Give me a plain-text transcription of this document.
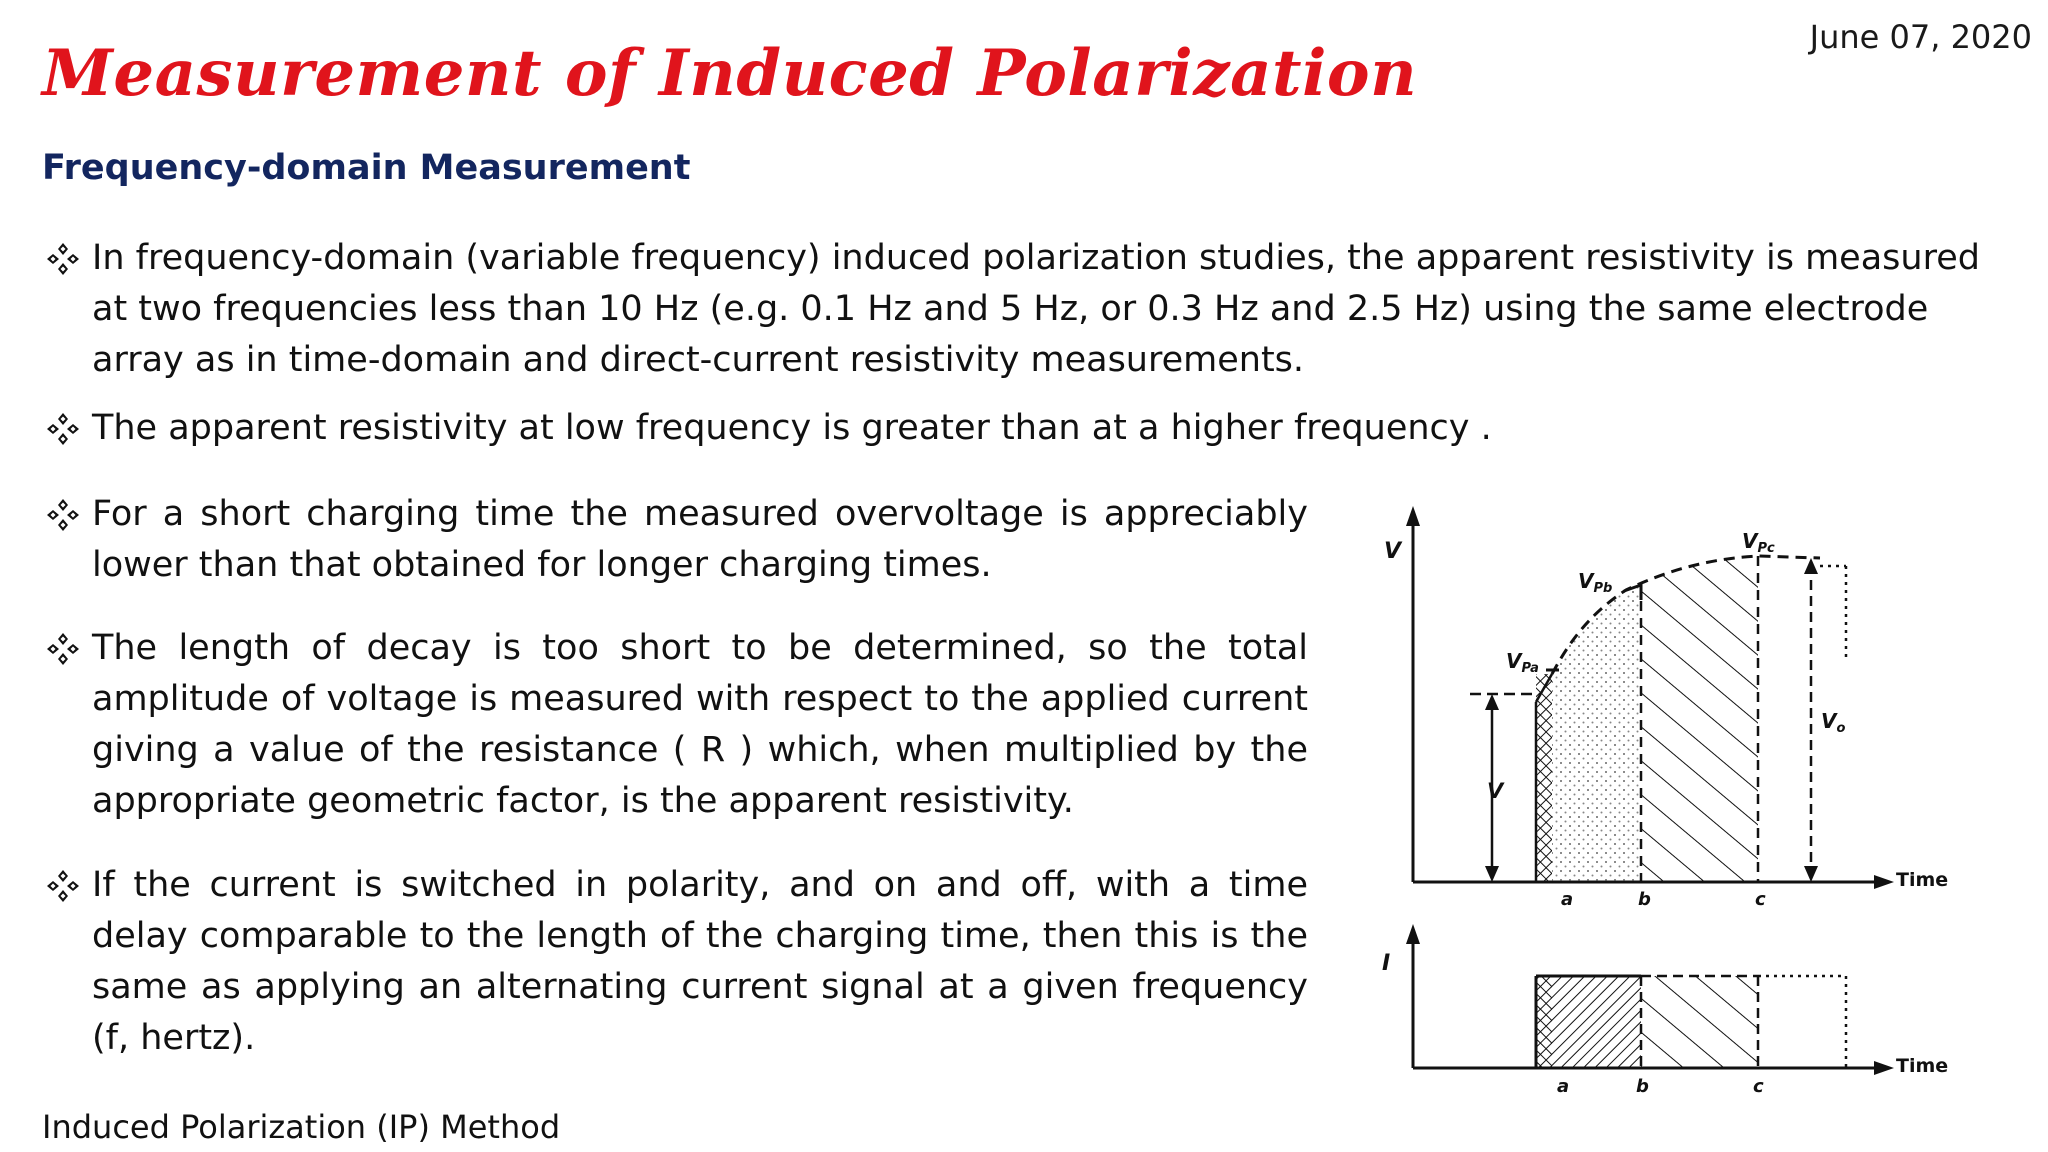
June 07, 2020
Measurement of Induced Polarization
Frequency-domain Measurement
In frequency-domain (variable frequency) induced polarization studies, the apparent resistivity is measured at two frequencies less than 10 Hz (e.g. 0.1 Hz and 5 Hz, or 0.3 Hz and 2.5 Hz) using the same electrode array as in time-domain and direct-current resistivity measurements.
The apparent resistivity at low frequency is greater than at a higher frequency .
For a short charging time the measured overvoltage is appreciably lower than that obtained for longer charging times.
The length of decay is too short to be determined, so the total amplitude of voltage is measured with respect to the applied current giving a value of the resistance ( R ) which, when multiplied by the appropriate geometric factor, is the apparent resistivity.
If the current is switched in polarity, and on and off, with a time delay comparable to the length of the charging time, then this is the same as applying an alternating current signal at a given frequency (f, hertz).
V
Time
V
$V_{Pa}$
$V_{Pb}$
$V_{Pc}$
$V_o$
a	b	c
I
Time
a	b	c
Induced Polarization (IP) Method
